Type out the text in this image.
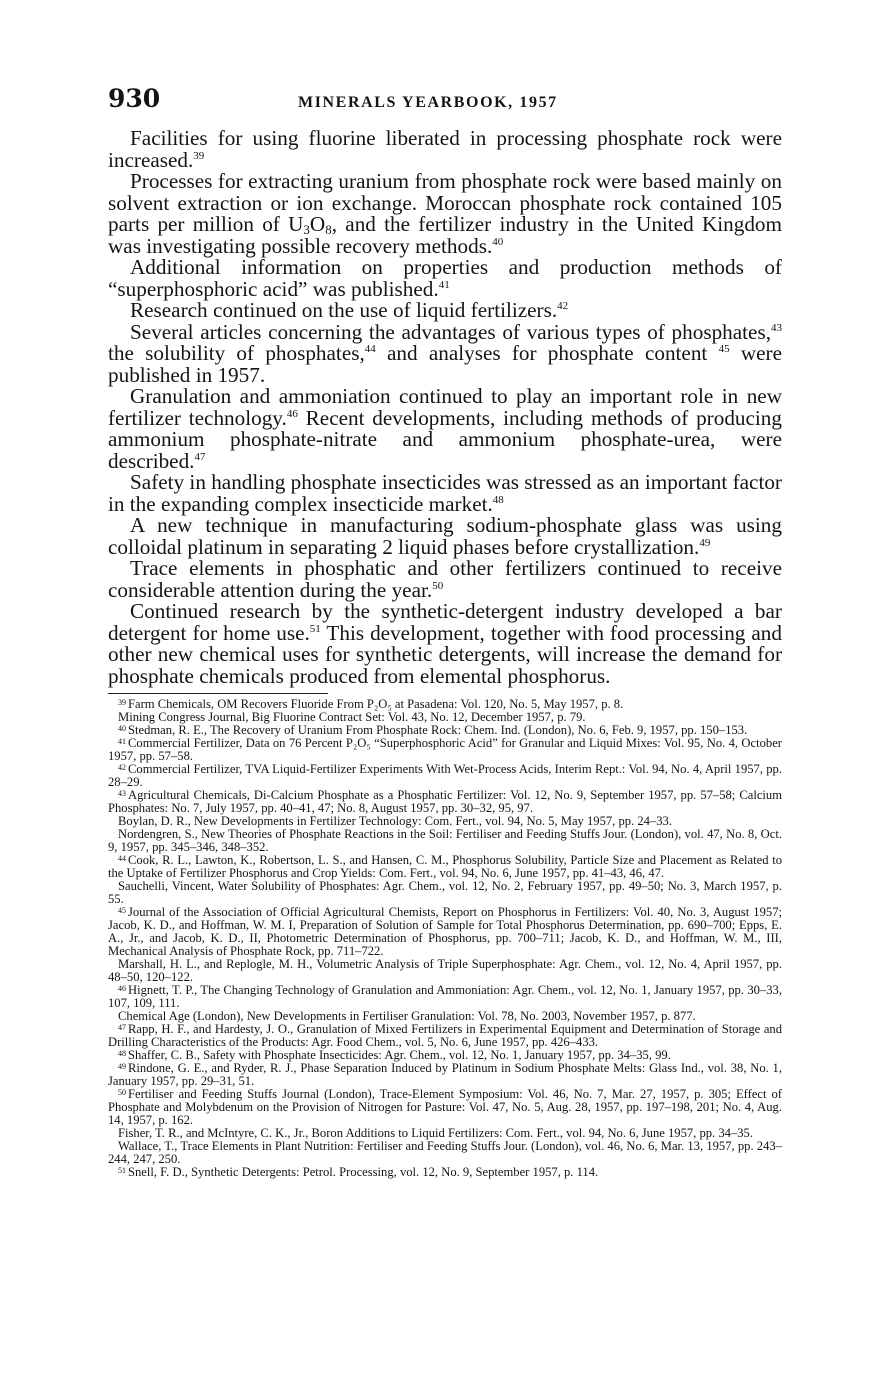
930	MINERALS YEARBOOK, 1957

Facilities for using fluorine liberated in processing phosphate rock were increased.$^{39}$

Processes for extracting uranium from phosphate rock were based mainly on solvent extraction or ion exchange. Moroccan phosphate rock contained 105 parts per million of $U_3O_8$, and the fertilizer industry in the United Kingdom was investigating possible recovery methods.$^{40}$

Additional information on properties and production methods of “superphosphoric acid” was published.$^{41}$

Research continued on the use of liquid fertilizers.$^{42}$

Several articles concerning the advantages of various types of phosphates,$^{43}$ the solubility of phosphates,$^{44}$ and analyses for phosphate content $^{45}$ were published in 1957.

Granulation and ammoniation continued to play an important role in new fertilizer technology.$^{46}$ Recent developments, including methods of producing ammonium phosphate-nitrate and ammonium phosphate-urea, were described.$^{47}$

Safety in handling phosphate insecticides was stressed as an important factor in the expanding complex insecticide market.$^{48}$

A new technique in manufacturing sodium-phosphate glass was using colloidal platinum in separating 2 liquid phases before crystallization.$^{49}$

Trace elements in phosphatic and other fertilizers continued to receive considerable attention during the year.$^{50}$

Continued research by the synthetic-detergent industry developed a bar detergent for home use.$^{51}$ This development, together with food processing and other new chemical uses for synthetic detergents, will increase the demand for phosphate chemicals produced from elemental phosphorus.

$^{39}$ Farm Chemicals, OM Recovers Fluoride From P₂O₅ at Pasadena: Vol. 120, No. 5, May 1957, p. 8.

Mining Congress Journal, Big Fluorine Contract Set: Vol. 43, No. 12, December 1957, p. 79.

$^{40}$ Stedman, R. E., The Recovery of Uranium From Phosphate Rock: Chem. Ind. (London), No. 6, Feb. 9, 1957, pp. 150–153.

$^{41}$ Commercial Fertilizer, Data on 76 Percent P₂O₅ “Superphosphoric Acid” for Granular and Liquid Mixes: Vol. 95, No. 4, October 1957, pp. 57–58.

$^{42}$ Commercial Fertilizer, TVA Liquid-Fertilizer Experiments With Wet-Process Acids, Interim Rept.: Vol. 94, No. 4, April 1957, pp. 28–29.

$^{43}$ Agricultural Chemicals, Di-Calcium Phosphate as a Phosphatic Fertilizer: Vol. 12, No. 9, September 1957, pp. 57–58; Calcium Phosphates: No. 7, July 1957, pp. 40–41, 47; No. 8, August 1957, pp. 30–32, 95, 97.

Boylan, D. R., New Developments in Fertilizer Technology: Com. Fert., vol. 94, No. 5, May 1957, pp. 24–33.

Nordengren, S., New Theories of Phosphate Reactions in the Soil: Fertiliser and Feeding Stuffs Jour. (London), vol. 47, No. 8, Oct. 9, 1957, pp. 345–346, 348–352.

$^{44}$ Cook, R. L., Lawton, K., Robertson, L. S., and Hansen, C. M., Phosphorus Solubility, Particle Size and Placement as Related to the Uptake of Fertilizer Phosphorus and Crop Yields: Com. Fert., vol. 94, No. 6, June 1957, pp. 41–43, 46, 47.

Sauchelli, Vincent, Water Solubility of Phosphates: Agr. Chem., vol. 12, No. 2, February 1957, pp. 49–50; No. 3, March 1957, p. 55.

$^{45}$ Journal of the Association of Official Agricultural Chemists, Report on Phosphorus in Fertilizers: Vol. 40, No. 3, August 1957; Jacob, K. D., and Hoffman, W. M. I, Preparation of Solution of Sample for Total Phosphorus Determination, pp. 690–700; Epps, E. A., Jr., and Jacob, K. D., II, Photometric Determination of Phosphorus, pp. 700–711; Jacob, K. D., and Hoffman, W. M., III, Mechanical Analysis of Phosphate Rock, pp. 711–722.

Marshall, H. L., and Replogle, M. H., Volumetric Analysis of Triple Superphosphate: Agr. Chem., vol. 12, No. 4, April 1957, pp. 48–50, 120–122.

$^{46}$ Hignett, T. P., The Changing Technology of Granulation and Ammoniation: Agr. Chem., vol. 12, No. 1, January 1957, pp. 30–33, 107, 109, 111.

Chemical Age (London), New Developments in Fertiliser Granulation: Vol. 78, No. 2003, November 1957, p. 877.

$^{47}$ Rapp, H. F., and Hardesty, J. O., Granulation of Mixed Fertilizers in Experimental Equipment and Determination of Storage and Drilling Characteristics of the Products: Agr. Food Chem., vol. 5, No. 6, June 1957, pp. 426–433.

$^{48}$ Shaffer, C. B., Safety with Phosphate Insecticides: Agr. Chem., vol. 12, No. 1, January 1957, pp. 34–35, 99.

$^{49}$ Rindone, G. E., and Ryder, R. J., Phase Separation Induced by Platinum in Sodium Phosphate Melts: Glass Ind., vol. 38, No. 1, January 1957, pp. 29–31, 51.

$^{50}$ Fertiliser and Feeding Stuffs Journal (London), Trace-Element Symposium: Vol. 46, No. 7, Mar. 27, 1957, p. 305; Effect of Phosphate and Molybdenum on the Provision of Nitrogen for Pasture: Vol. 47, No. 5, Aug. 28, 1957, pp. 197–198, 201; No. 4, Aug. 14, 1957, p. 162.

Fisher, T. R., and McIntyre, C. K., Jr., Boron Additions to Liquid Fertilizers: Com. Fert., vol. 94, No. 6, June 1957, pp. 34–35.

Wallace, T., Trace Elements in Plant Nutrition: Fertiliser and Feeding Stuffs Jour. (London), vol. 46, No. 6, Mar. 13, 1957, pp. 243–244, 247, 250.

$^{51}$ Snell, F. D., Synthetic Detergents: Petrol. Processing, vol. 12, No. 9, September 1957, p. 114.
